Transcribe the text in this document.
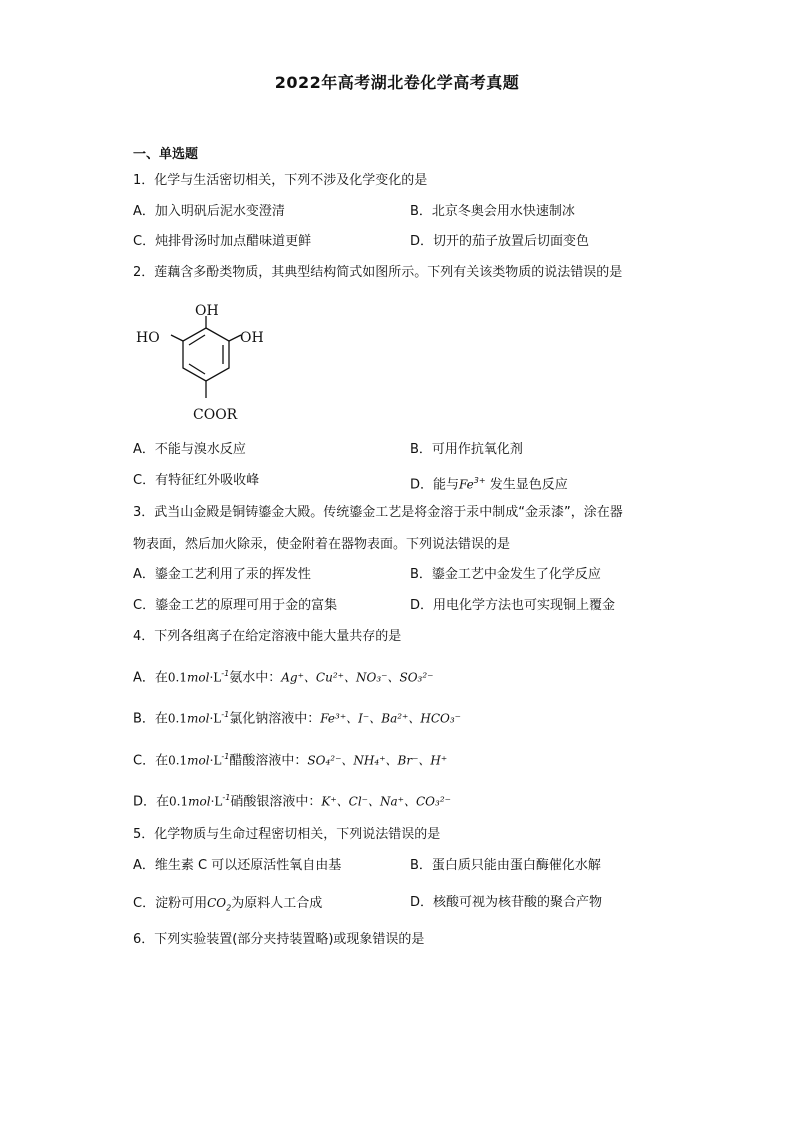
2022年高考湖北卷化学高考真题
一、单选题
1．化学与生活密切相关，下列不涉及化学变化的是
A．加入明矾后泥水变澄清	B．北京冬奥会用水快速制冰
C．炖排骨汤时加点醋味道更鲜	D．切开的茄子放置后切面变色
2．莲藕含多酚类物质，其典型结构简式如图所示。下列有关该类物质的说法错误的是
OH
HO	OH
COOR
A．不能与溴水反应	B．可用作抗氧化剂
C．有特征红外吸收峰	D．能与$Fe^{3+}$ 发生显色反应
3．武当山金殿是铜铸鎏金大殿。传统鎏金工艺是将金溶于汞中制成“金汞漆”，涂在器
物表面，然后加火除汞，使金附着在器物表面。下列说法错误的是
A．鎏金工艺利用了汞的挥发性	B．鎏金工艺中金发生了化学反应
C．鎏金工艺的原理可用于金的富集	D．用电化学方法也可实现铜上覆金
4．下列各组离子在给定溶液中能大量共存的是
A．在$0.1mol\cdot L^{-1}$氨水中：Ag⁺、Cu²⁺、NO₃⁻、SO₃²⁻
B．在$0.1mol\cdot L^{-1}$氯化钠溶液中：Fe³⁺、I⁻、Ba²⁺、HCO₃⁻
C．在$0.1mol\cdot L^{-1}$醋酸溶液中：SO₄²⁻、NH₄⁺、Br⁻、H⁺
D．在$0.1mol\cdot L^{-1}$硝酸银溶液中：K⁺、Cl⁻、Na⁺、CO₃²⁻
5．化学物质与生命过程密切相关，下列说法错误的是
A．维生素 C 可以还原活性氧自由基	B．蛋白质只能由蛋白酶催化水解
C．淀粉可用$CO_2$为原料人工合成	D．核酸可视为核苷酸的聚合产物
6．下列实验装置(部分夹持装置略)或现象错误的是
